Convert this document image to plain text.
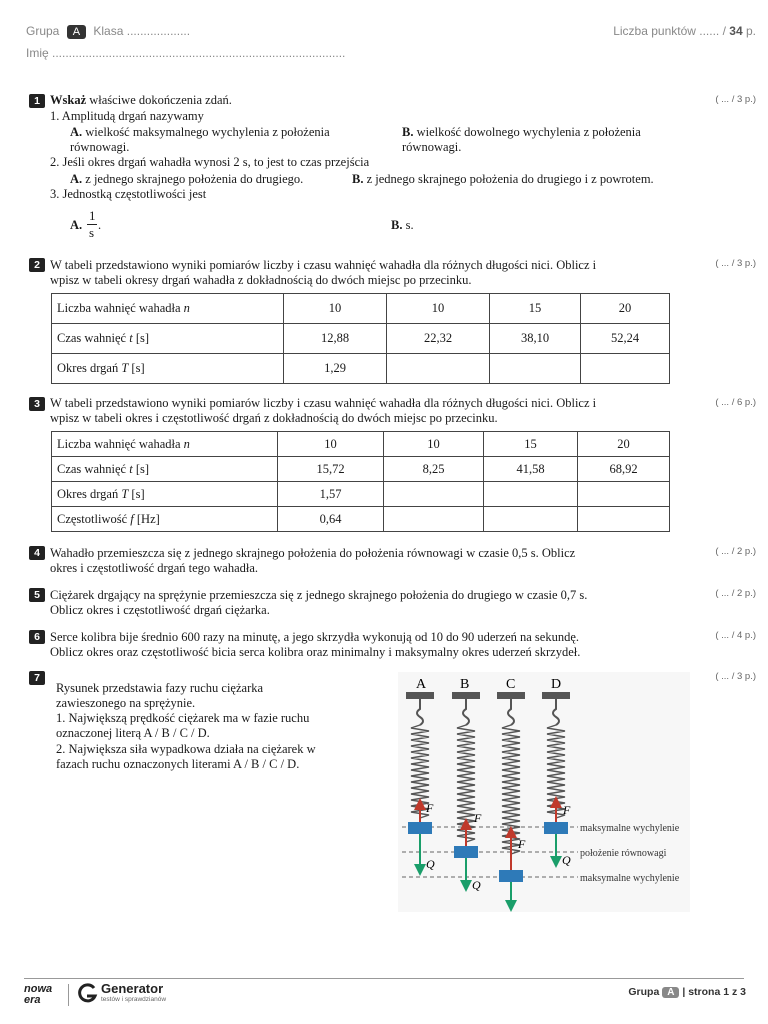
Grupa A Klasa ...................
Imię ........................................................................................
Liczba punktów ...... / 34 p.
1	( ... / 3 p.)
Wskaż właściwe dokończenia zdań.
1. Amplitudą drgań nazywamy
A. wielkość maksymalnego wychylenia z położenia
równowagi.
B. wielkość dowolnego wychylenia z położenia
równowagi.
2. Jeśli okres drgań wahadła wynosi 2 s, to jest to czas przejścia
A. z jednego skrajnego położenia do drugiego.	B. z jednego skrajnego położenia do drugiego i z powrotem.
3. Jednostką częstotliwości jest
A.
1
s .	B. s.
2	( ... / 3 p.)
W tabeli przedstawiono wyniki pomiarów liczby i czasu wahnięć wahadła dla różnych długości nici. Oblicz i
wpisz w tabeli okresy drgań wahadła z dokładnością do dwóch miejsc po przecinku.
Liczba wahnięć wahadła n	10	10	15	20
Czas wahnięć t [s]	12,88	22,32	38,10	52,24
Okres drgań T [s]	1,29			
3	( ... / 6 p.)
W tabeli przedstawiono wyniki pomiarów liczby i czasu wahnięć wahadła dla różnych długości nici. Oblicz i
wpisz w tabeli okres i częstotliwość drgań z dokładnością do dwóch miejsc po przecinku.
Liczba wahnięć wahadła n	10	10	15	20
Czas wahnięć t [s]	15,72	8,25	41,58	68,92
Okres drgań T [s]	1,57			
Częstotliwość f [Hz]	0,64			
4	( ... / 2 p.)
Wahadło przemieszcza się z jednego skrajnego położenia do położenia równowagi w czasie 0,5 s. Oblicz
okres i częstotliwość drgań tego wahadła.
5	( ... / 2 p.)
Ciężarek drgający na sprężynie przemieszcza się z jednego skrajnego położenia do drugiego w czasie 0,7 s.
Oblicz okres i częstotliwość drgań ciężarka.
6	( ... / 4 p.)
Serce kolibra bije średnio 600 razy na minutę, a jego skrzydła wykonują od 10 do 90 uderzeń na sekundę.
Oblicz okres oraz częstotliwość bicia serca kolibra oraz minimalny i maksymalny okres uderzeń skrzydeł.
7	( ... / 3 p.)
Rysunek przedstawia fazy ruchu ciężarka
zawieszonego na sprężynie.
1. Największą prędkość ciężarek ma w fazie ruchu
oznaczonej literą A / B / C / D.
2. Największa siła wypadkowa działa na ciężarek w
fazach ruchu oznaczonych literami A / B / C / D.
maksymalne wychylenie
położenie równowagi
maksymalne wychylenie
A
F
Q
B
F
Q
C
F
D
F
Q
nowa
era
Generator
testów i sprawdzianów
Grupa A | strona 1 z 3
